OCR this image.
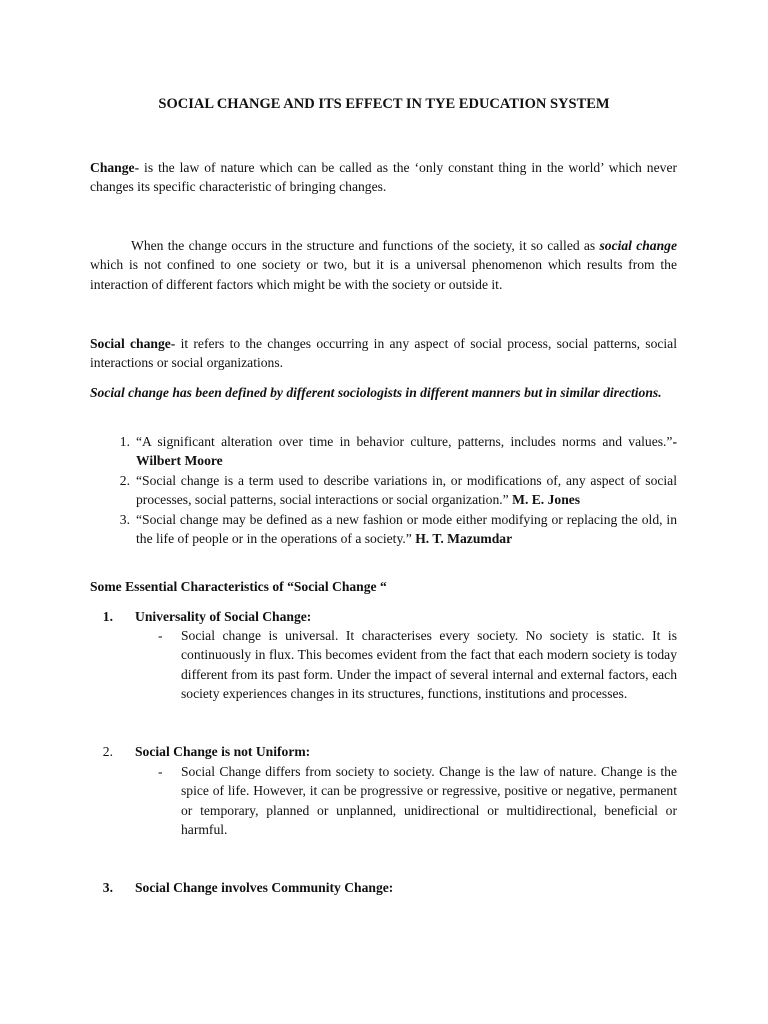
SOCIAL CHANGE AND ITS EFFECT IN TYE EDUCATION SYSTEM

Change- is the law of nature which can be called as the ‘only constant thing in the world’ which never changes its specific characteristic of bringing changes.

When the change occurs in the structure and functions of the society, it so called as social change which is not confined to one society or two, but it is a universal phenomenon which results from the interaction of different factors which might be with the society or outside it.

Social change- it refers to the changes occurring in any aspect of social process, social patterns, social interactions or social organizations.

Social change has been defined by different sociologists in different manners but in similar directions.

1. “A significant alteration over time in behavior culture, patterns, includes norms and values.”-Wilbert Moore
2. “Social change is a term used to describe variations in, or modifications of, any aspect of social processes, social patterns, social interactions or social organization.” M. E. Jones
3. “Social change may be defined as a new fashion or mode either modifying or replacing the old, in the life of people or in the operations of a society.” H. T. Mazumdar

Some Essential Characteristics of “Social Change “

1. Universality of Social Change:
- Social change is universal. It characterises every society. No society is static. It is continuously in flux. This becomes evident from the fact that each modern society is today different from its past form. Under the impact of several internal and external factors, each society experiences changes in its structures, functions, institutions and processes.

2. Social Change is not Uniform:
- Social Change differs from society to society. Change is the law of nature. Change is the spice of life. However, it can be progressive or regressive, positive or negative, permanent or temporary, planned or unplanned, unidirectional or multidirectional, beneficial or harmful.

3. Social Change involves Community Change:
